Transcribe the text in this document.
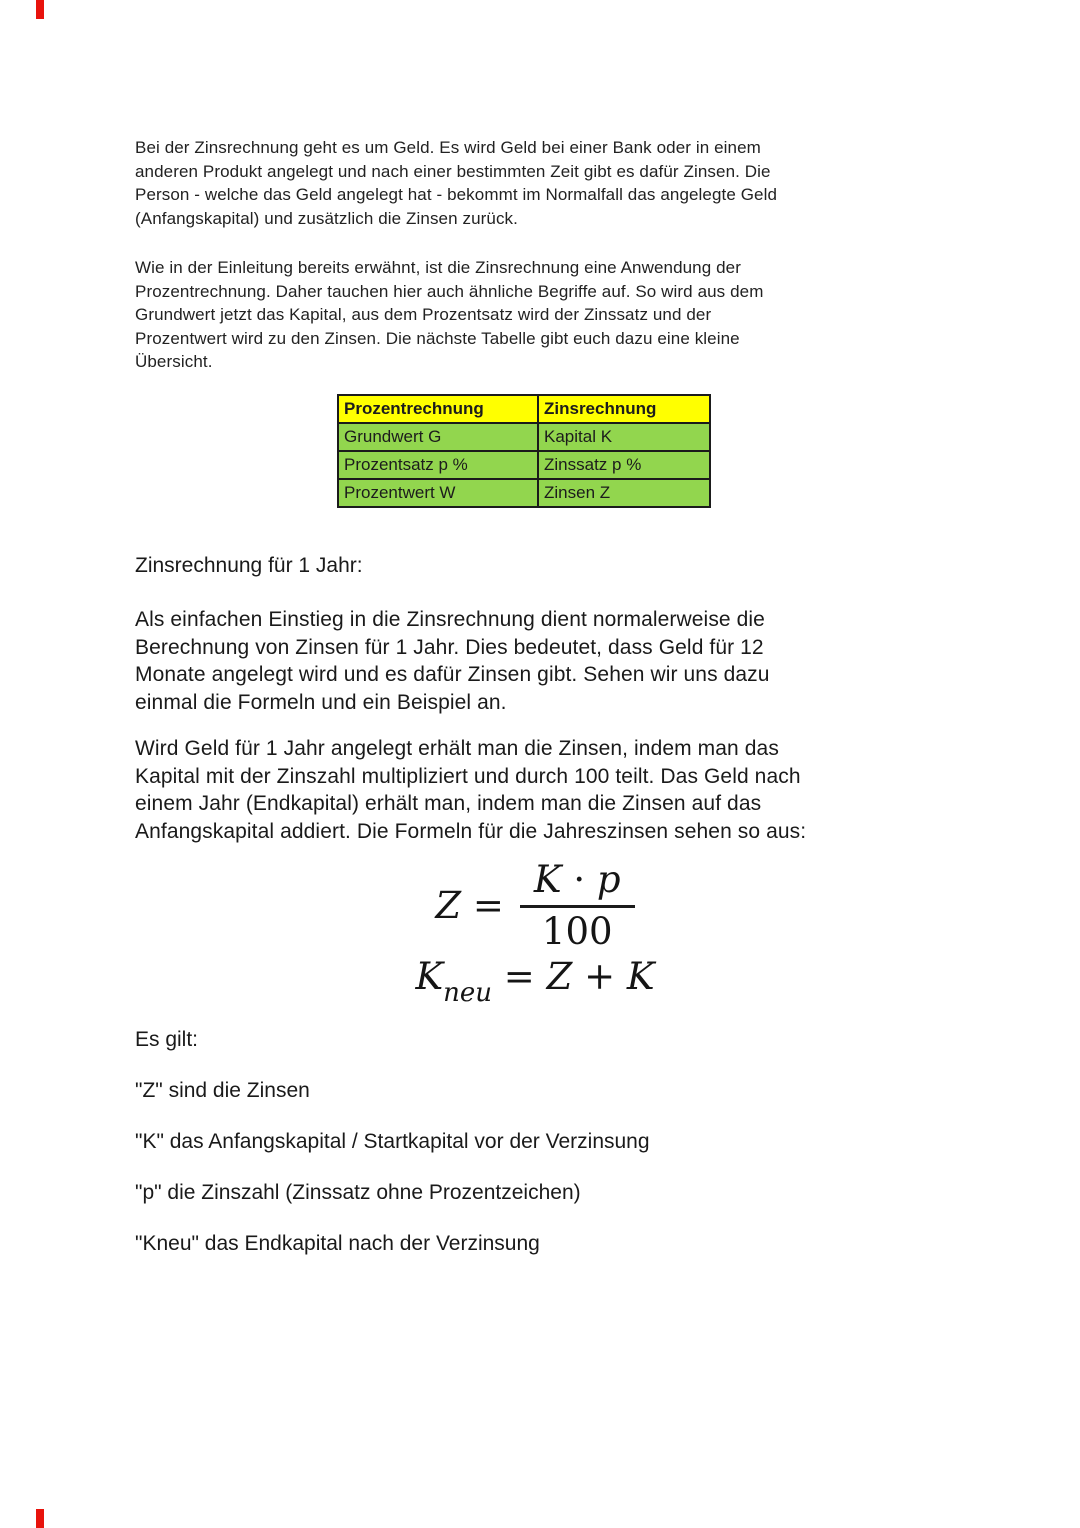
Bei der Zinsrechnung geht es um Geld. Es wird Geld bei einer Bank oder in einem
anderen Produkt angelegt und nach einer bestimmten Zeit gibt es dafür Zinsen. Die
Person - welche das Geld angelegt hat - bekommt im Normalfall das angelegte Geld
(Anfangskapital) und zusätzlich die Zinsen zurück.
Wie in der Einleitung bereits erwähnt, ist die Zinsrechnung eine Anwendung der
Prozentrechnung. Daher tauchen hier auch ähnliche Begriffe auf. So wird aus dem
Grundwert jetzt das Kapital, aus dem Prozentsatz wird der Zinssatz und der
Prozentwert wird zu den Zinsen. Die nächste Tabelle gibt euch dazu eine kleine
Übersicht.
Prozentrechnung	Zinsrechnung
Grundwert G	Kapital K
Prozentsatz p %	Zinssatz p %
Prozentwert W	Zinsen Z
Zinsrechnung für 1 Jahr:
Als einfachen Einstieg in die Zinsrechnung dient normalerweise die
Berechnung von Zinsen für 1 Jahr. Dies bedeutet, dass Geld für 12
Monate angelegt wird und es dafür Zinsen gibt. Sehen wir uns dazu
einmal die Formeln und ein Beispiel an.
Wird Geld für 1 Jahr angelegt erhält man die Zinsen, indem man das
Kapital mit der Zinszahl multipliziert und durch 100 teilt. Das Geld nach
einem Jahr (Endkapital) erhält man, indem man die Zinsen auf das
Anfangskapital addiert. Die Formeln für die Jahreszinsen sehen so aus:
$Z = \frac{K \cdot p}{100}$
$K_{neu} = Z + K$

Es gilt:

"Z" sind die Zinsen

"K" das Anfangskapital / Startkapital vor der Verzinsung

"p" die Zinszahl (Zinssatz ohne Prozentzeichen)

"Kneu" das Endkapital nach der Verzinsung
